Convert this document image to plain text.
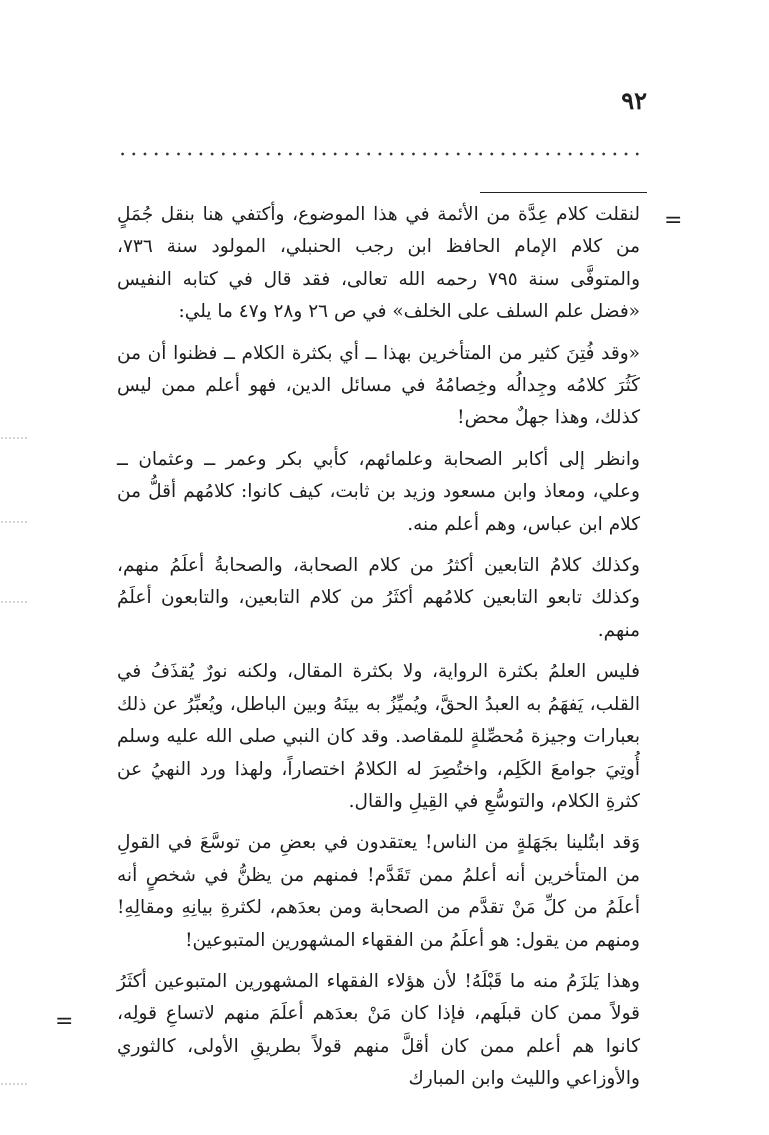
٩٢
=
=

لنقلت كلام عِدَّة من الأئمة في هذا الموضوع، وأكتفي هنا بنقل جُمَلٍ من كلام الإمام الحافظ ابن رجب الحنبلي، المولود سنة ٧٣٦، والمتوفَّى سنة ٧٩٥ رحمه الله تعالى، فقد قال في كتابه النفيس «فضل علم السلف على الخلف» في ص ٢٦ و٢٨ و٤٧ ما يلي:

«وقد فُتِنَ كثير من المتأخرين بهذا ــ أي بكثرة الكلام ــ فظنوا أن من كَثُرَ كلامُه وجِدالُه وخِصامُهُ في مسائل الدين، فهو أعلم ممن ليس كذلك، وهذا جهلٌ محض!

وانظر إلى أكابر الصحابة وعلمائهم، كأبي بكر وعمر ــ وعثمان ــ وعلي، ومعاذ وابن مسعود وزيد بن ثابت، كيف كانوا: كلامُهم أقلُّ من كلام ابن عباس، وهم أعلم منه.

وكذلك كلامُ التابعين أكثرُ من كلام الصحابة، والصحابةُ أعلَمُ منهم، وكذلك تابعو التابعين كلامُهم أكثَرُ من كلام التابعين، والتابعون أعلَمُ منهم.

فليس العلمُ بكثرة الرواية، ولا بكثرة المقال، ولكنه نورٌ يُقذَفُ في القلب، يَفهَمُ به العبدُ الحقَّ، ويُميِّزُ به بينَهُ وبين الباطل، ويُعبِّرُ عن ذلك بعبارات وجيزة مُحصِّلةٍ للمقاصد. وقد كان النبي صلى الله عليه وسلم أُوتِيَ جوامعَ الكَلِم، واختُصِرَ له الكلامُ اختصاراً، ولهذا ورد النهيُ عن كثرةِ الكلام، والتوسُّعِ في القِيلِ والقال.

وَقد ابتُلينا بجَهَلةٍ من الناس! يعتقدون في بعضِ من توسَّعَ في القولِ من المتأخرين أنه أعلمُ ممن تَقَدَّم! فمنهم من يظنُّ في شخصٍ أنه أعلَمُ من كلِّ مَنْ تقدَّم من الصحابة ومن بعدَهم، لكثرةِ بيانِهِ ومقالِهِ! ومنهم من يقول: هو أعلَمُ من الفقهاء المشهورين المتبوعين!

وهذا يَلزَمُ منه ما قَبْلَهُ! لأن هؤلاء الفقهاء المشهورين المتبوعين أكثَرُ قولاً ممن كان قبلَهم، فإذا كان مَنْ بعدَهم أعلَمَ منهم لاتساعِ قولِه، كانوا هم أعلم ممن كان أقلَّ منهم قولاً بطريقِ الأولى، كالثوري والأوزاعي والليث وابن المبارك
